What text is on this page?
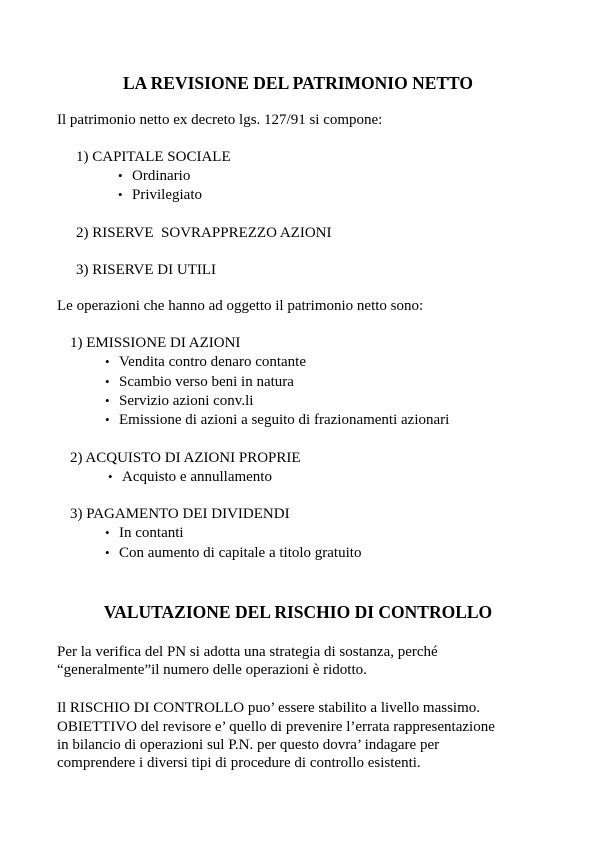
LA REVISIONE DEL PATRIMONIO NETTO
Il patrimonio netto ex decreto lgs. 127/91 si compone:
1) CAPITALE SOCIALE
• Ordinario
• Privilegiato
2) RISERVE  SOVRAPPREZZO AZIONI
3) RISERVE DI UTILI
Le operazioni che hanno ad oggetto il patrimonio netto sono:
1) EMISSIONE DI AZIONI
• Vendita contro denaro contante
• Scambio verso beni in natura
• Servizio azioni conv.li
• Emissione di azioni a seguito di frazionamenti azionari
2) ACQUISTO DI AZIONI PROPRIE
• Acquisto e annullamento
3) PAGAMENTO DEI DIVIDENDI
• In contanti
• Con aumento di capitale a titolo gratuito
VALUTAZIONE DEL RISCHIO DI CONTROLLO
Per la verifica del PN si adotta una strategia di sostanza, perché
“generalmente”il numero delle operazioni è ridotto.
Il RISCHIO DI CONTROLLO puo’ essere stabilito a livello massimo.
OBIETTIVO del revisore e’ quello di prevenire l’errata rappresentazione
in bilancio di operazioni sul P.N. per questo dovra’ indagare per
comprendere i diversi tipi di procedure di controllo esistenti.
